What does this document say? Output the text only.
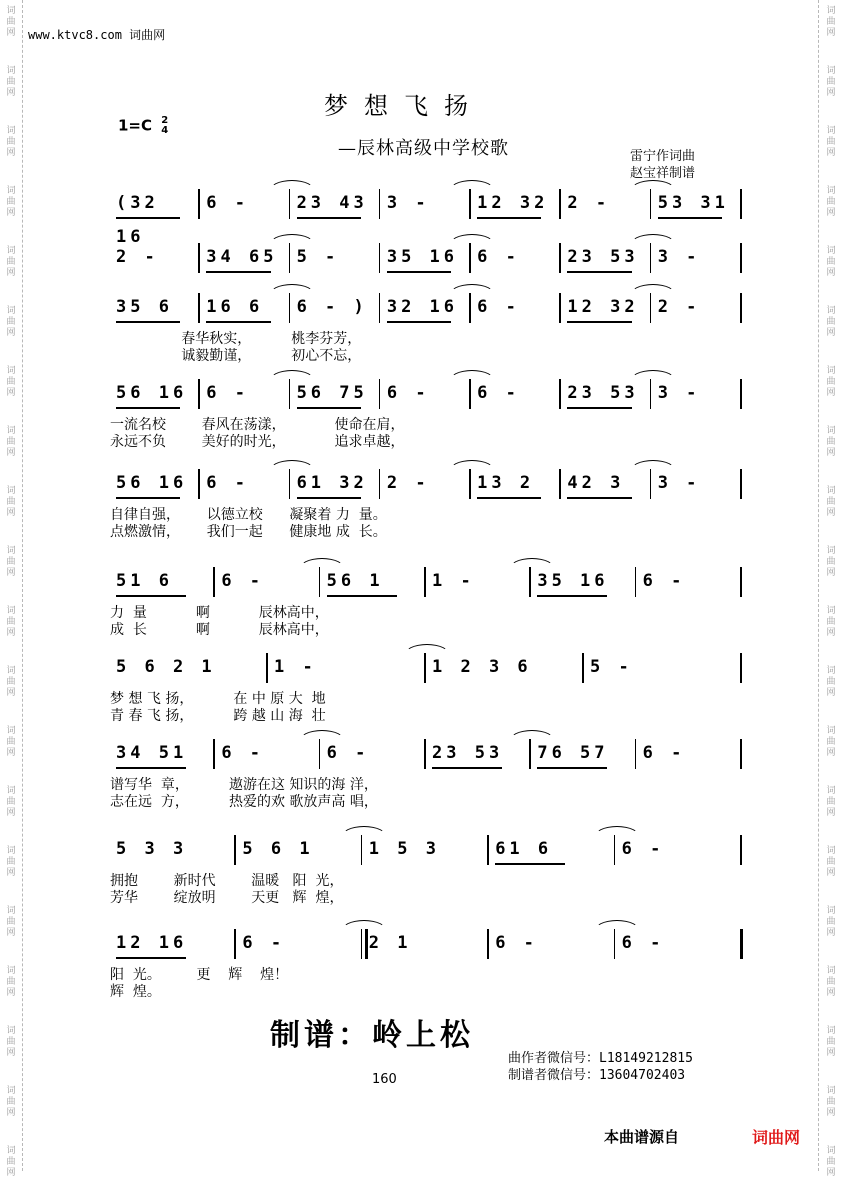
词
曲
网
词
曲
网
词
曲
网
词
曲
网
词
曲
网
词
曲
网
词
曲
网
词
曲
网
词
曲
网
词
曲
网
词
曲
网
词
曲
网
词
曲
网
词
曲
网
词
曲
网
词
曲
网
词
曲
网
词
曲
网
词
曲
网
词
曲
网
词
曲
网
词
曲
网
词
曲
网
词
曲
网
词
曲
网
词
曲
网
词
曲
网
词
曲
网
词
曲
网
词
曲
网
词
曲
网
词
曲
网
词
曲
网
词
曲
网
词
曲
网
词
曲
网
词
曲
网
词
曲
网
词
曲
网
词
曲
网
www.ktvc8.com 词曲网
梦想飞扬
—辰林高级中学校歌
1=C 2
4
雷宁作词曲
赵宝祥制谱
(32 16
6 -	23 43	3 -	12 32	2 -	53 31
2 -	34 65	5 -	35 16	6 -	23 53	3 -
35 6	16 6	6 - )	32 16	6 -	12 32	2 -
春华秋实，         桃李芬芳，
诚毅勤谨，         初心不忘，
56 16	6 -	56 75	6 -	6 -	23 53	3 -
一流名校        春风在荡漾，           使命在肩，
永远不负        美好的时光，           追求卓越，
56 16	6 -	61 32	2 -	13 2	42 3	3 -
自律自强，      以德立校      凝聚着 力  量。
点燃激情，      我们一起      健康地 成  长。
51 6	6 -	56 1	1 -	35 16	6 -
力  量           啊           辰林高中，
成  长           啊           辰林高中，
5 6 2 1	1 -	1 2 3 6	5 -
梦 想 飞 扬，         在 中 原 大  地
青 春 飞 扬，         跨 越 山 海  壮
34 51	6 -	6 -	23 53	76 57	6 -
谱写华  章，         遨游在这 知识的海 洋，
志在远  方，         热爱的欢 歌放声高 唱，
5 3 3	5 6 1	1 5 3	61 6	6 -
拥抱        新时代        温暖   阳  光，
芳华        绽放明        天更   辉  煌，
12 16	6 -	2 1	6 -	6 -
阳  光。        更    辉    煌！
辉  煌。
制谱：岭上松
曲作者微信号：L18149212815
制谱者微信号：13604702403
160
本曲谱源自	词曲网
